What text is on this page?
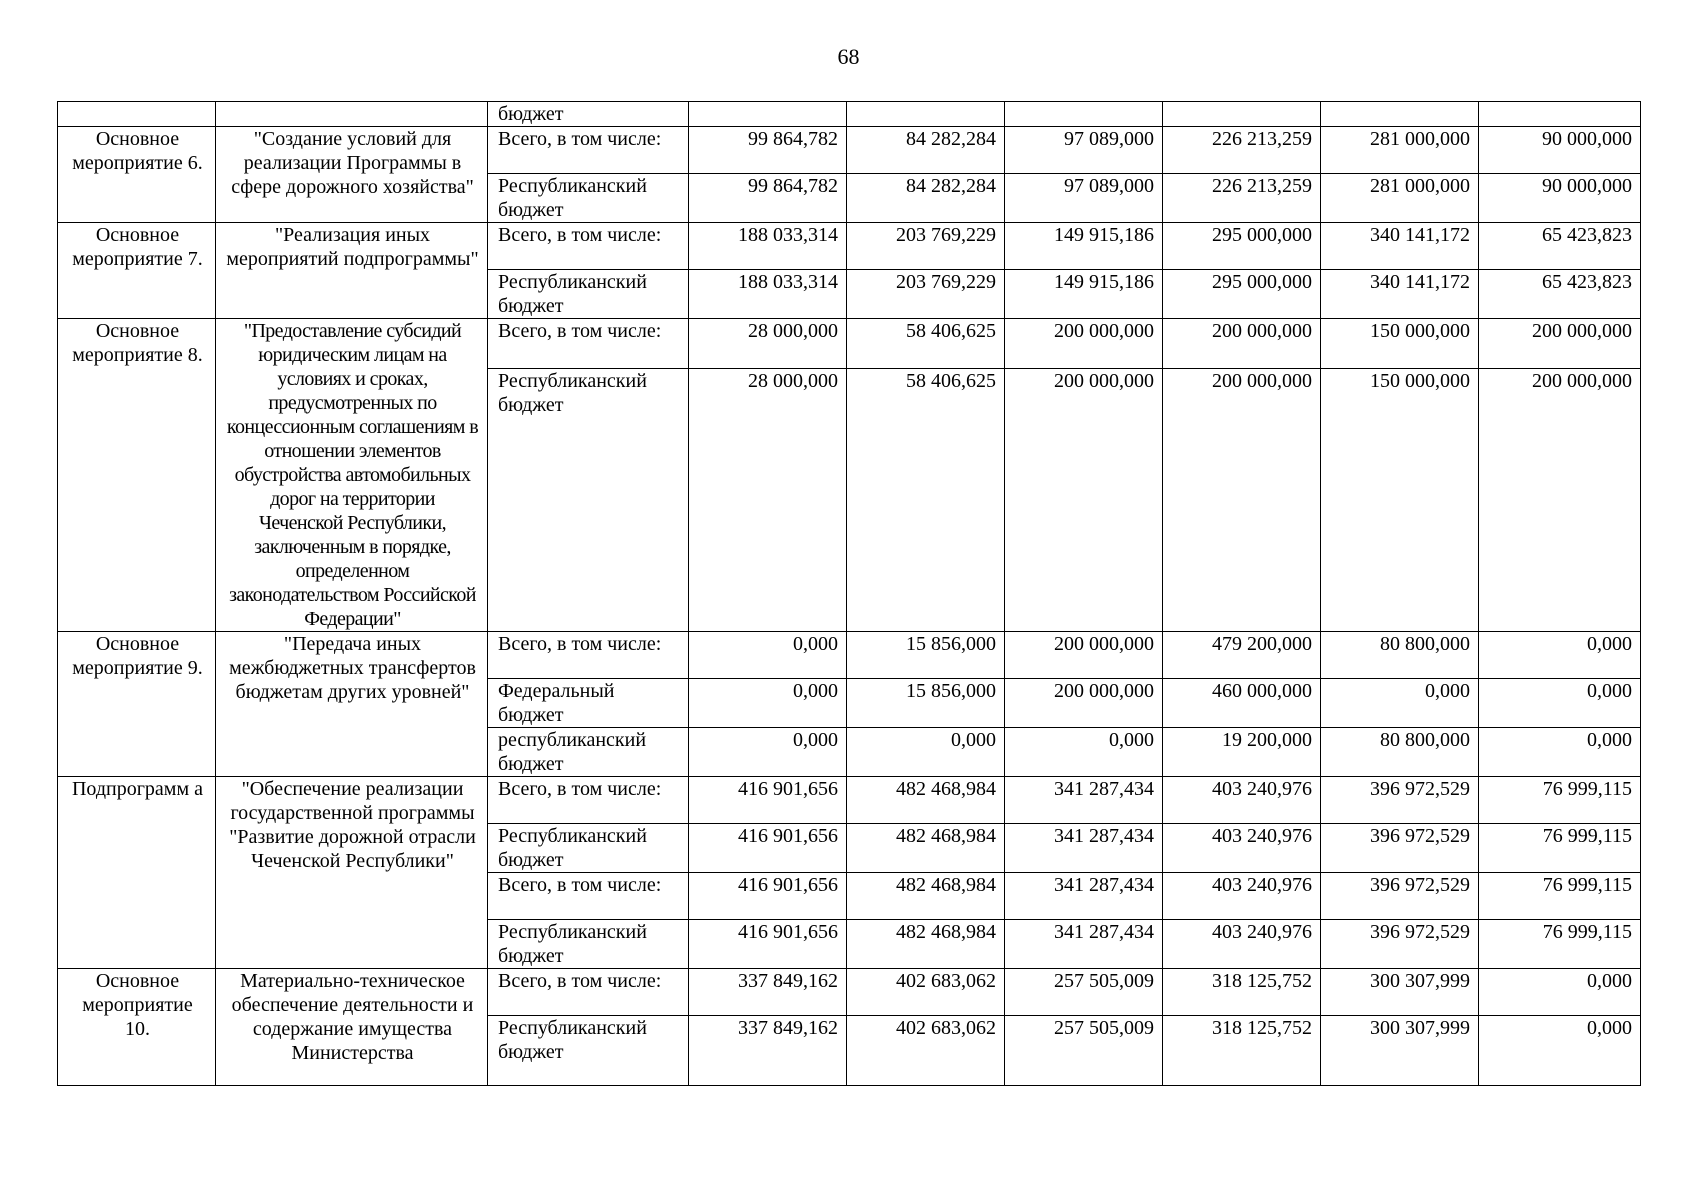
68
		бюджет						
Основное мероприятие 6.	"Создание условий для реализации Программы в сфере дорожного хозяйства"	Всего, в том числе:	99 864,782	84 282,284	97 089,000	226 213,259	281 000,000	90 000,000
		Республиканский бюджет	99 864,782	84 282,284	97 089,000	226 213,259	281 000,000	90 000,000
Основное мероприятие 7.	"Реализация иных мероприятий подпрограммы"	Всего, в том числе:	188 033,314	203 769,229	149 915,186	295 000,000	340 141,172	65 423,823
		Республиканский бюджет	188 033,314	203 769,229	149 915,186	295 000,000	340 141,172	65 423,823
Основное мероприятие 8.	"Предоставление субсидий юридическим лицам на условиях и сроках, предусмотренных по концессионным соглашениям в отношении элементов обустройства автомобильных дорог на территории Чеченской Республики, заключенным в порядке, определенном законодательством Российской Федерации"	Всего, в том числе:	28 000,000	58 406,625	200 000,000	200 000,000	150 000,000	200 000,000
		Республиканский бюджет	28 000,000	58 406,625	200 000,000	200 000,000	150 000,000	200 000,000
Основное мероприятие 9.	"Передача иных межбюджетных трансфертов бюджетам других уровней"	Всего, в том числе:	0,000	15 856,000	200 000,000	479 200,000	80 800,000	0,000
		Федеральный бюджет	0,000	15 856,000	200 000,000	460 000,000	0,000	0,000
		республиканский бюджет	0,000	0,000	0,000	19 200,000	80 800,000	0,000
Подпрограмм а	"Обеспечение реализации государственной программы "Развитие дорожной отрасли Чеченской Республики"	Всего, в том числе:	416 901,656	482 468,984	341 287,434	403 240,976	396 972,529	76 999,115
		Республиканский бюджет	416 901,656	482 468,984	341 287,434	403 240,976	396 972,529	76 999,115
		Всего, в том числе:	416 901,656	482 468,984	341 287,434	403 240,976	396 972,529	76 999,115
		Республиканский бюджет	416 901,656	482 468,984	341 287,434	403 240,976	396 972,529	76 999,115
Основное мероприятие 10.	Материально-техническое обеспечение деятельности и содержание имущества Министерства	Всего, в том числе:	337 849,162	402 683,062	257 505,009	318 125,752	300 307,999	0,000
		Республиканский бюджет	337 849,162	402 683,062	257 505,009	318 125,752	300 307,999	0,000
